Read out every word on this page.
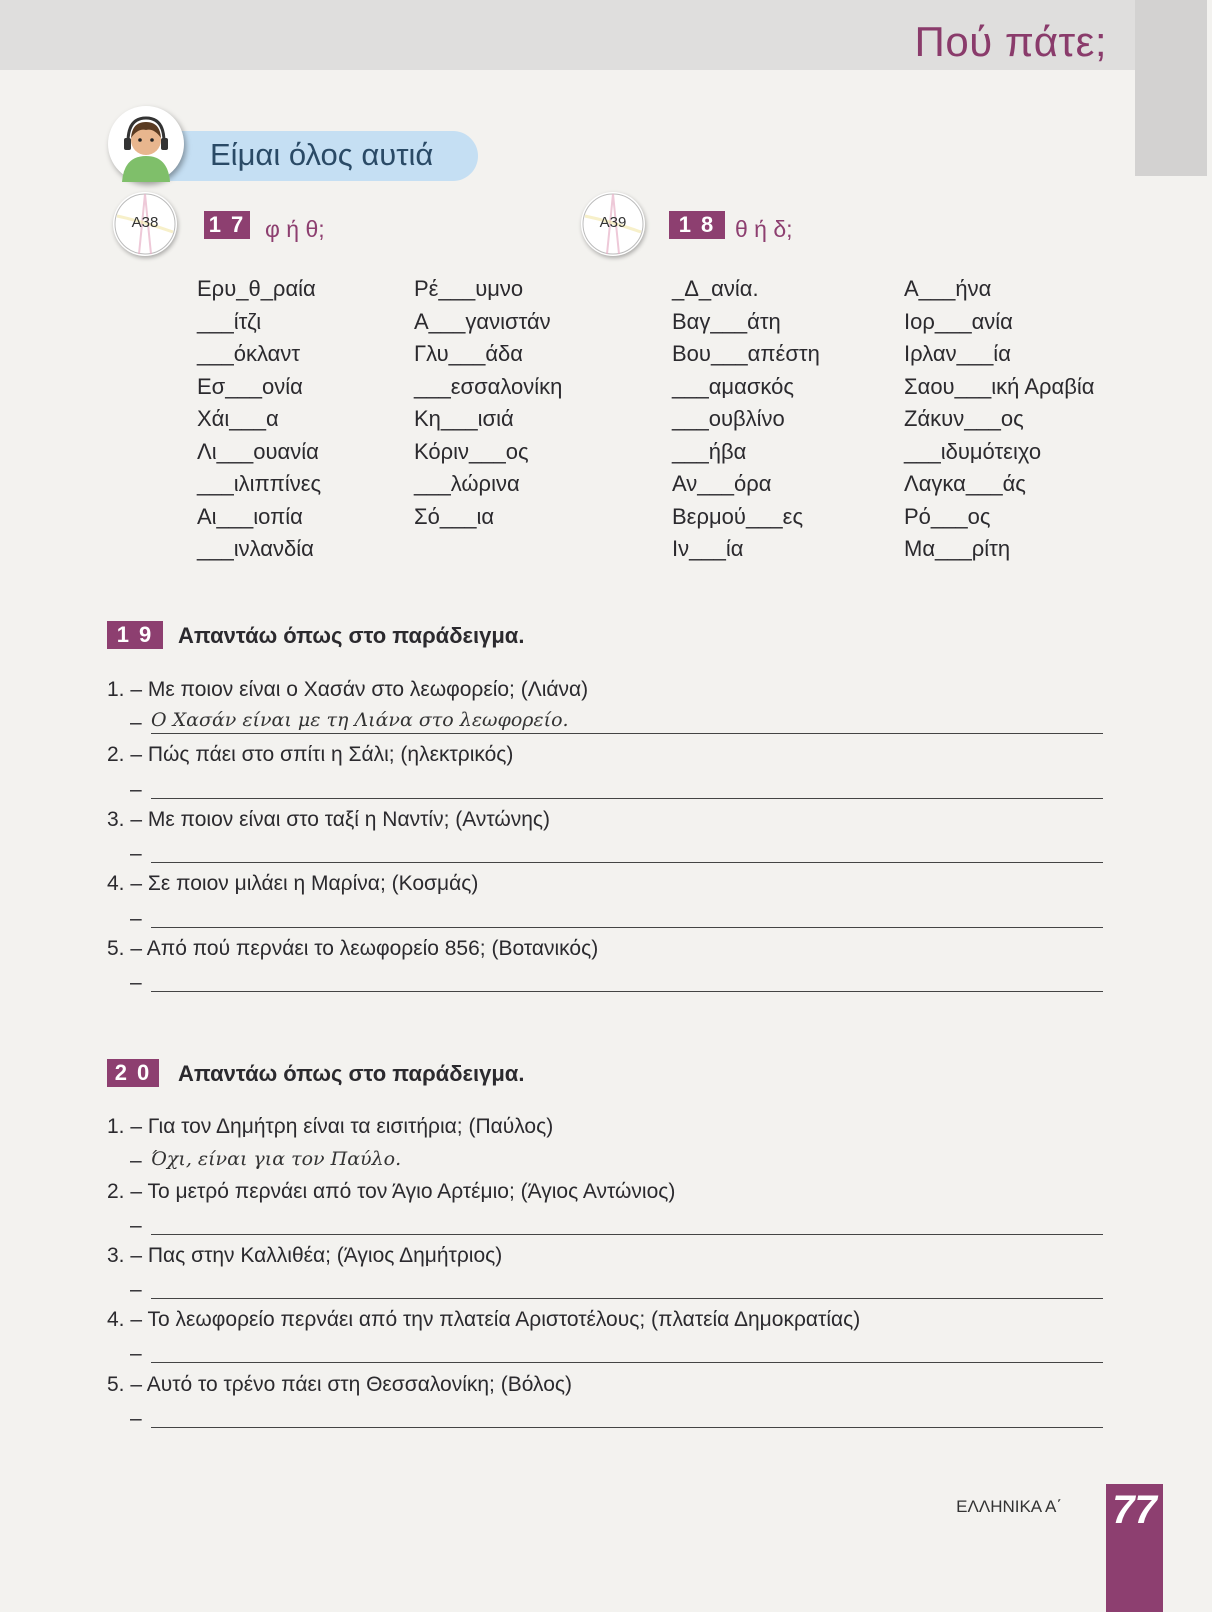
Πού πάτε;
Είμαι όλος αυτιά
A38	1 7 φ ή θ;	A39	1 8 θ ή δ;
Ερυ_θ_ραία
___ίτζι
___όκλαντ
Εσ___ονία
Χάι___α
Λι___ουανία
___ιλιππίνες
Αι___ιοπία
___ινλανδία
Ρέ___υμνο
Α___γανιστάν
Γλυ___άδα
___εσσαλονίκη
Κη___ισιά
Κόριν___ος
___λώρινα
Σό___ια
_Δ_ανία.
Βαγ___άτη
Βου___απέστη
___αμασκός
___ουβλίνο
___ήβα
Αν___όρα
Βερμού___ες
Ιν___ία
Α___ήνα
Ιορ___ανία
Ιρλαν___ία
Σαου___ική Αραβία
Ζάκυν___ος
___ιδυμότειχο
Λαγκα___άς
Ρό___ος
Μα___ρίτη
1 9	Απαντάω όπως στο παράδειγμα.
1. – Με ποιον είναι ο Χασάν στο λεωφορείο; (Λιάνα)
– Ο Χασάν είναι με τη Λιάνα στο λεωφορείο.
2. – Πώς πάει στο σπίτι η Σάλι; (ηλεκτρικός)
–
3. – Με ποιον είναι στο ταξί η Ναντίν; (Αντώνης)
–
4. – Σε ποιον μιλάει η Μαρίνα; (Κοσμάς)
–
5. – Από πού περνάει το λεωφορείο 856; (Βοτανικός)
–
2 0	Απαντάω όπως στο παράδειγμα.
1. – Για τον Δημήτρη είναι τα εισιτήρια; (Παύλος)
– Όχι, είναι για τον Παύλο.
2. – Το μετρό περνάει από τον Άγιο Αρτέμιο; (Άγιος Αντώνιος)
–
3. – Πας στην Καλλιθέα; (Άγιος Δημήτριος)
–
4. – Το λεωφορείο περνάει από την πλατεία Αριστοτέλους; (πλατεία Δημοκρατίας)
–
5. – Αυτό το τρένο πάει στη Θεσσαλονίκη; (Βόλος)
–
ΕΛΛΗΝΙΚΑ Α΄ 77
